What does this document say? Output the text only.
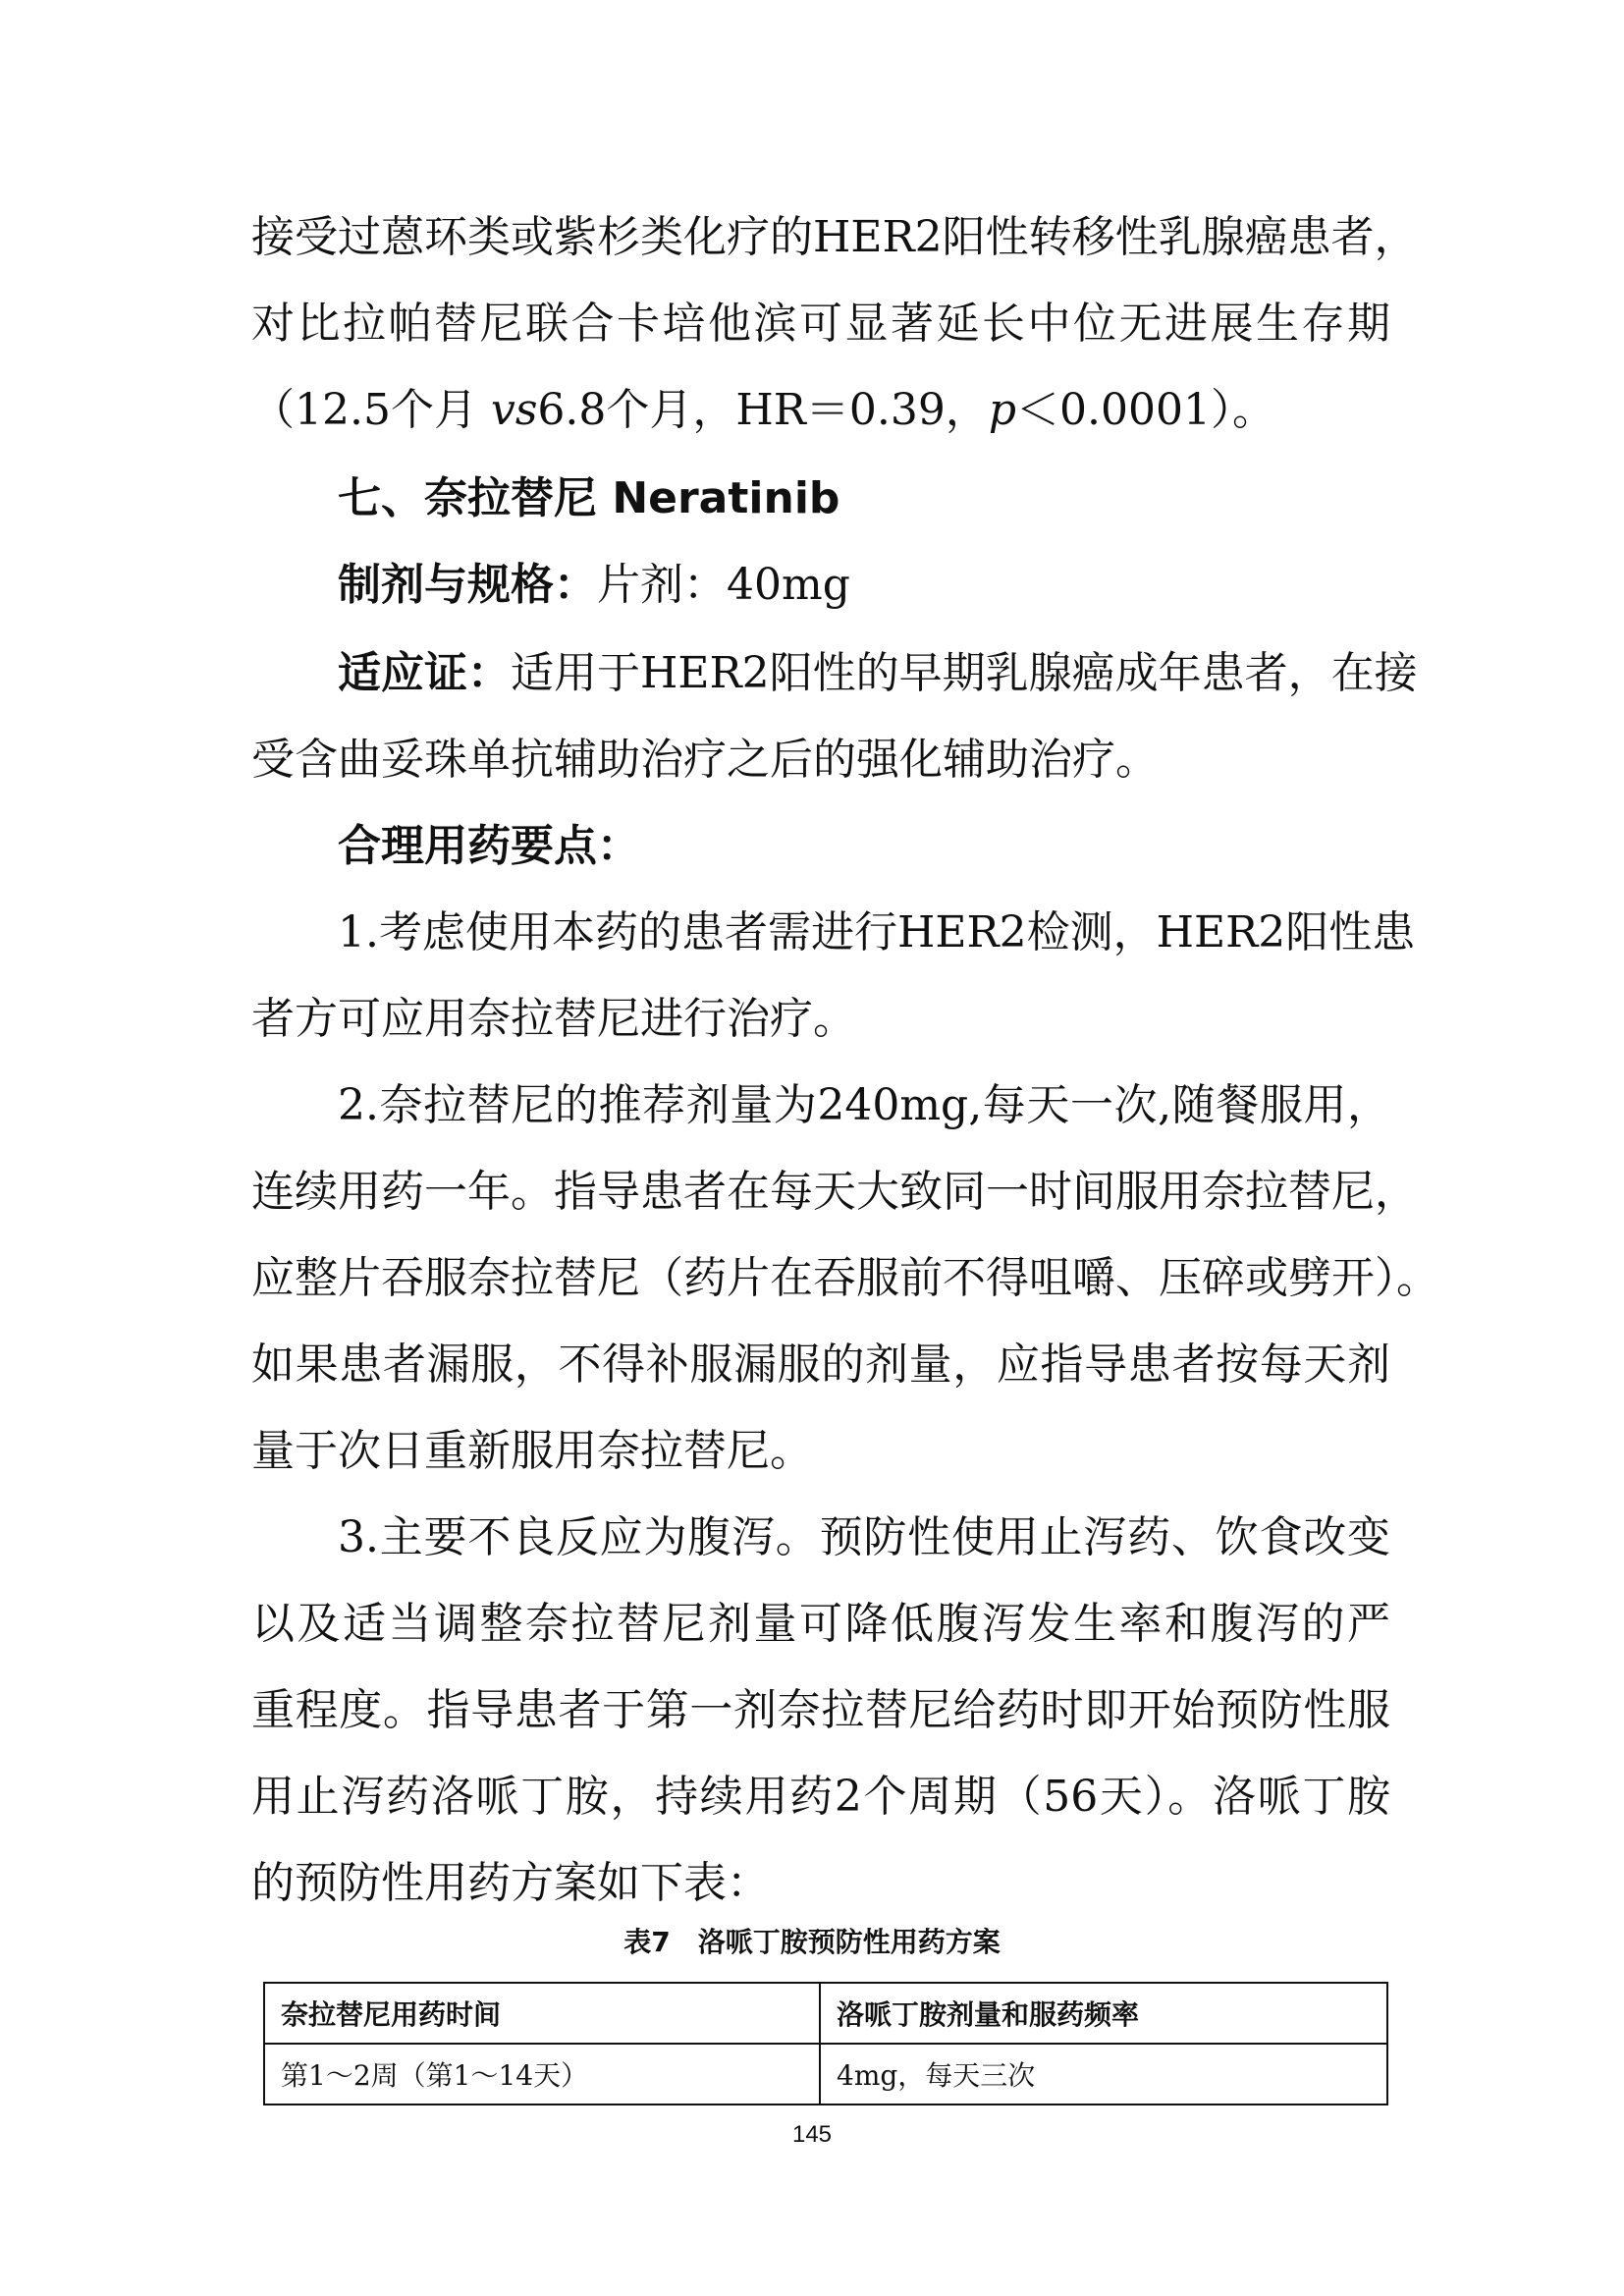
接受过蒽环类或紫杉类化疗的HER2阳性转移性乳腺癌患者，

对比拉帕替尼联合卡培他滨可显著延长中位无进展生存期

（12.5个月 vs6.8个月，HR＝0.39，p＜0.0001）。

七、奈拉替尼 Neratinib

制剂与规格：片剂：40mg

适应证：适用于HER2阳性的早期乳腺癌成年患者，在接

受含曲妥珠单抗辅助治疗之后的强化辅助治疗。

合理用药要点：

1.考虑使用本药的患者需进行HER2检测，HER2阳性患

者方可应用奈拉替尼进行治疗。

2.奈拉替尼的推荐剂量为240mg,每天一次,随餐服用，

连续用药一年。指导患者在每天大致同一时间服用奈拉替尼，

应整片吞服奈拉替尼（药片在吞服前不得咀嚼、压碎或劈开）。

如果患者漏服，不得补服漏服的剂量，应指导患者按每天剂

量于次日重新服用奈拉替尼。

3.主要不良反应为腹泻。预防性使用止泻药、饮食改变

以及适当调整奈拉替尼剂量可降低腹泻发生率和腹泻的严

重程度。指导患者于第一剂奈拉替尼给药时即开始预防性服

用止泻药洛哌丁胺，持续用药2个周期（56天）。洛哌丁胺

的预防性用药方案如下表：

表7　洛哌丁胺预防性用药方案

奈拉替尼用药时间	洛哌丁胺剂量和服药频率
第1～2周（第1～14天）	4mg，每天三次

145
